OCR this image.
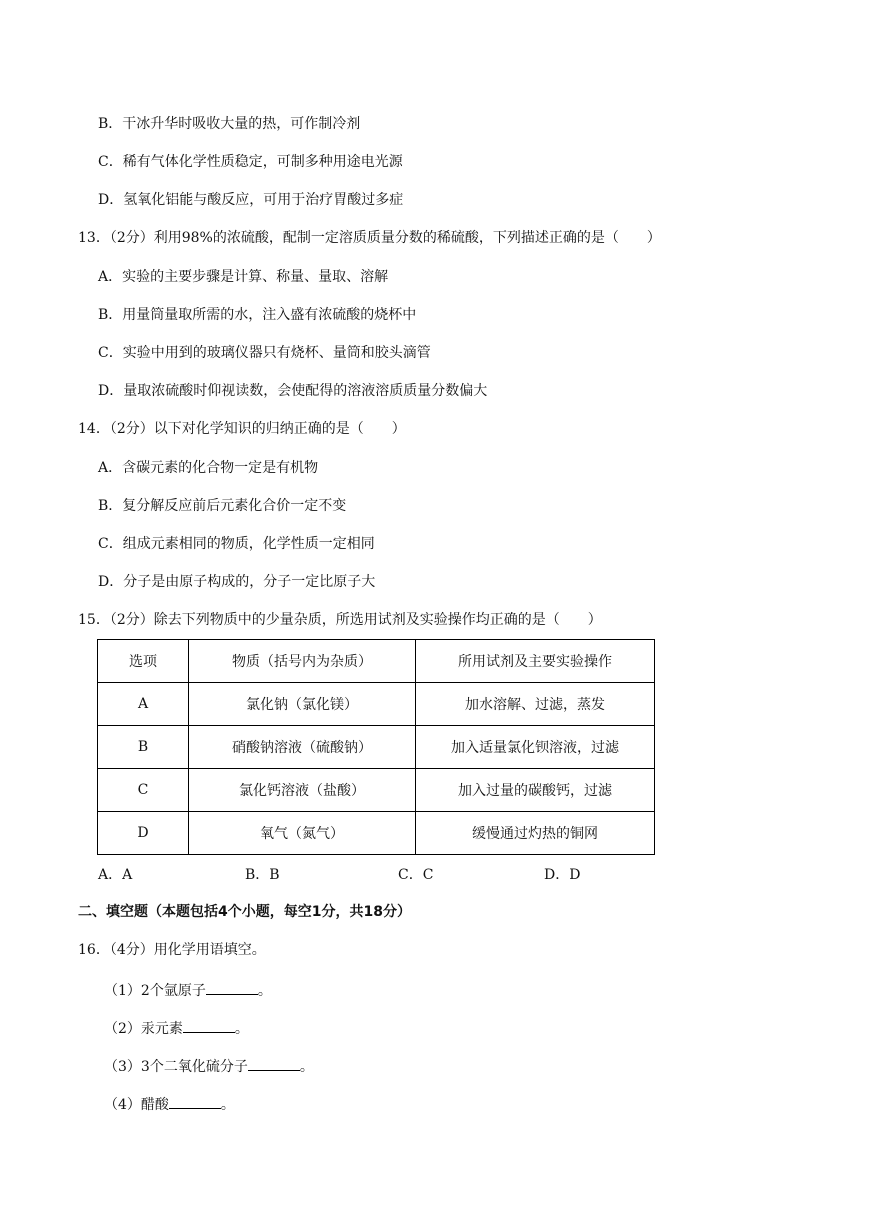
B．干冰升华时吸收大量的热，可作制冷剂
C．稀有气体化学性质稳定，可制多种用途电光源
D．氢氧化铝能与酸反应，可用于治疗胃酸过多症
13．（2分）利用98%的浓硫酸，配制一定溶质质量分数的稀硫酸，下列描述正确的是（　　）
A．实验的主要步骤是计算、称量、量取、溶解
B．用量筒量取所需的水，注入盛有浓硫酸的烧杯中
C．实验中用到的玻璃仪器只有烧杯、量筒和胶头滴管
D．量取浓硫酸时仰视读数，会使配得的溶液溶质质量分数偏大
14．（2分）以下对化学知识的归纳正确的是（　　）
A．含碳元素的化合物一定是有机物
B．复分解反应前后元素化合价一定不变
C．组成元素相同的物质，化学性质一定相同
D．分子是由原子构成的，分子一定比原子大
15．（2分）除去下列物质中的少量杂质，所选用试剂及实验操作均正确的是（　　）
选项	物质（括号内为杂质）	所用试剂及主要实验操作
A	氯化钠（氯化镁）	加水溶解、过滤，蒸发
B	硝酸钠溶液（硫酸钠）	加入适量氯化钡溶液，过滤
C	氯化钙溶液（盐酸）	加入过量的碳酸钙，过滤
D	氧气（氮气）	缓慢通过灼热的铜网
A．A	B．B	C．C	D．D
二、填空题（本题包括4个小题，每空1分，共18分）
16．（4分）用化学用语填空。
（1）2个氩原子	。
（2）汞元素	。
（3）3个二氧化硫分子	。
（4）醋酸	。
